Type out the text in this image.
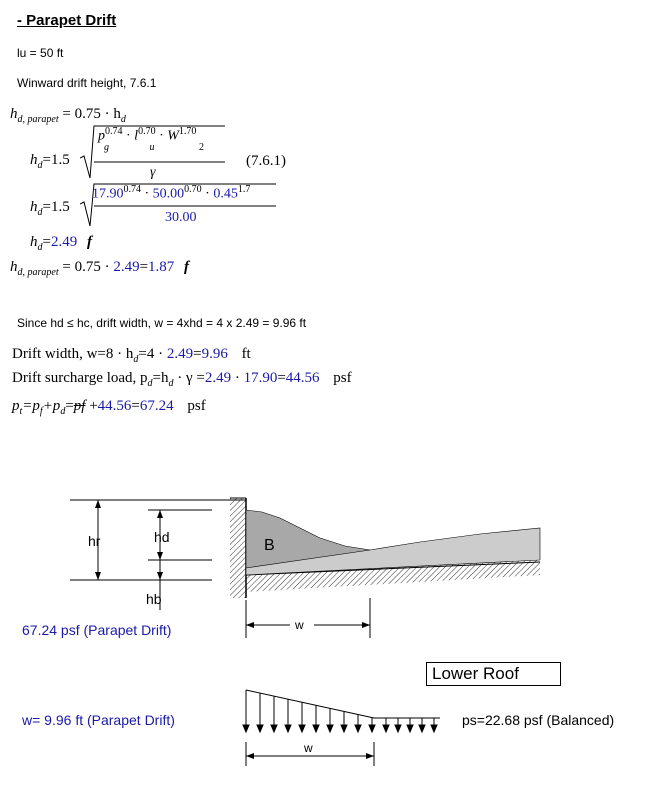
- Parapet Drift
lu = 50 ft
Winward drift height, 7.6.1
$h_{d, parapet} = 0.75 \cdot h_d$
$h_d=1.5$
$p^{0.74} \cdot l^{0.70} \cdot W^{1.70}$
g	u	2
γ
(7.6.1)
$h_d=1.5$
$17.90^{0.74} \cdot 50.00^{0.70} \cdot 0.45^{1.7}$
30.00
$h_d=2.49$ f
$h_{d, parapet} = 0.75 \cdot 2.49=1.87$ f
Since hd ≤ hc, drift width, w = 4xhd = 4 x 2.49 = 9.96 ft
Drift width, $w=8 \cdot h_d=4 \cdot 2.49=9.96$ ft
Drift surcharge load, $p_d=h_d \cdot \gamma =2.49 \cdot 17.90=44.56$ psf
$p_t=p_f+p_d=pf +44.56=67.24$ psf
hr	hd
hb
B
w
67.24 psf (Parapet Drift)
Lower Roof
w
w= 9.96 ft (Parapet Drift)	ps=22.68 psf (Balanced)
